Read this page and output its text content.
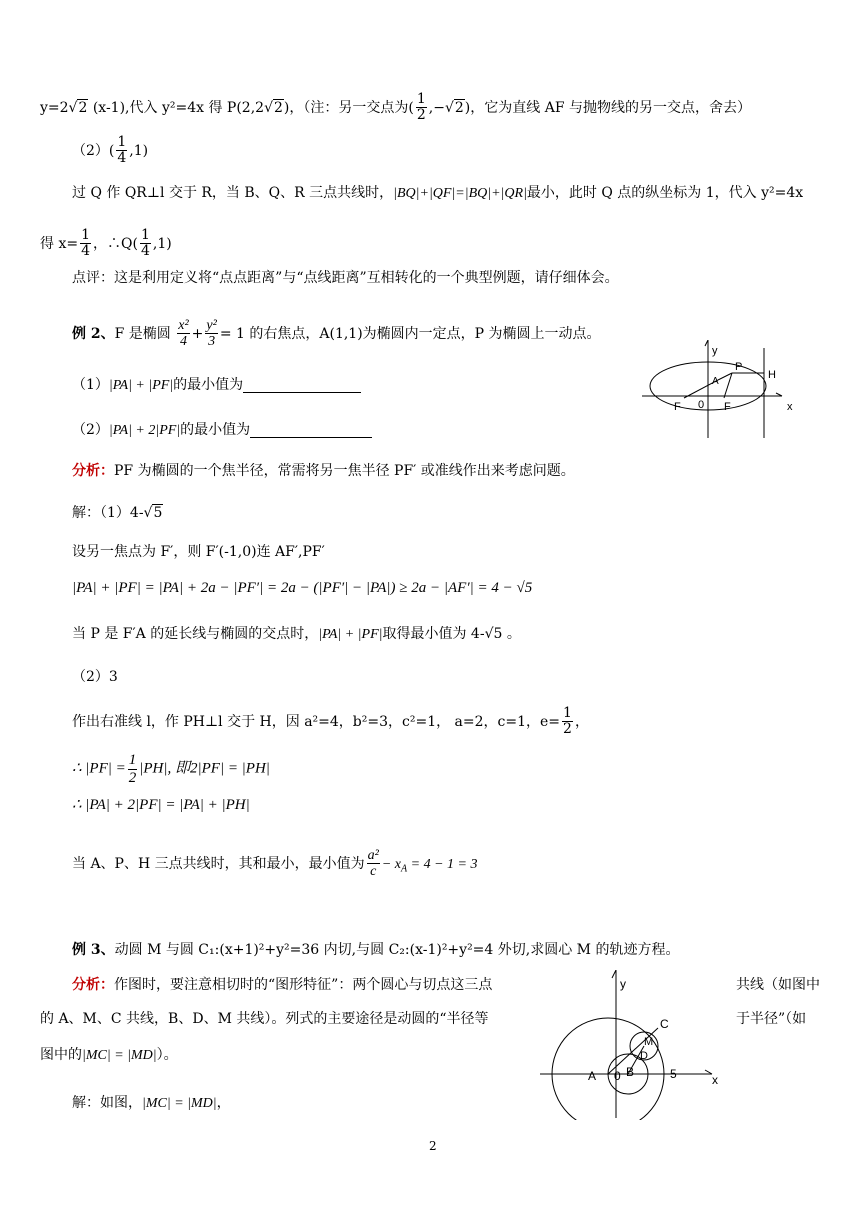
y=2√2 (x-1),代入 y²=4x 得 P(2,2√2)，（注：另一交点为( $\frac{1}{2} ,-√2$)，它为直线 AF 与抛物线的另一交点，舍去）
$(2)( \frac{1}{4} ,1)$
过 Q 作 QR⊥l 交于 R，当 B、Q、R 三点共线时，|BQ|+|QF|=|BQ|+|QR|最小，此时 Q 点的纵坐标为 1，代入 y²=4x
得 $x= \frac{1}{4}$ ，∴Q( $\frac{1}{4} ,1$)
点评：这是利用定义将“点点距离”与“点线距离”互相转化的一个典型例题，请仔细体会。
例 2、F 是椭圆 $\frac{\text{x²}}{4} + \frac{\text{y²}}{3} = 1$ 的右焦点，A(1,1)为椭圆内一定点，P 为椭圆上一动点。
（1）|PA| + |PF|的最小值为
（2）|PA| + 2|PF|的最小值为
y
P
H
A
F 0 F	x
分析：PF 为椭圆的一个焦半径，常需将另一焦半径 PF′ 或准线作出来考虑问题。
解：（1）4-√5
设另一焦点为 F′，则 F′(-1,0)连 AF′,PF′
|PA| + |PF| = |PA| + 2a − |PF′| = 2a − (|PF′| − |PA|) ≥ 2a − |AF′| = 4 − √5
当 P 是 F′A 的延长线与椭圆的交点时，|PA| + |PF|取得最小值为 4-√5 。
（2）3
作出右准线 l，作 PH⊥l 交于 H，因 a²=4，b²=3，c²=1， a=2，c=1，$e= \frac{1}{2}$ ，
∴ $|PF| = \frac{1}{2} |PH|$, 即2|PF| = |PH|
∴ |PA| + 2|PF| = |PA| + |PH|
当 A、P、H 三点共线时，其和最小，最小值为 $\frac{\text{a²}}{c} - x_A = 4 - 1 = 3$
例 3、动圆 M 与圆 C₁:(x+1)²+y²=36 内切,与圆 C₂:(x-1)²+y²=4 外切,求圆心 M 的轨迹方程。
分析：作图时，要注意相切时的“图形特征”：两个圆心与切点这三点	共线（如图中
的 A、M、C 共线，B、D、M 共线）。列式的主要途径是动圆的“半径等	于半径”（如
图中的|MC| = |MD|）。
解：如图，|MC| = |MD|，
y
C
M
D
A 0 B	5	x
2
